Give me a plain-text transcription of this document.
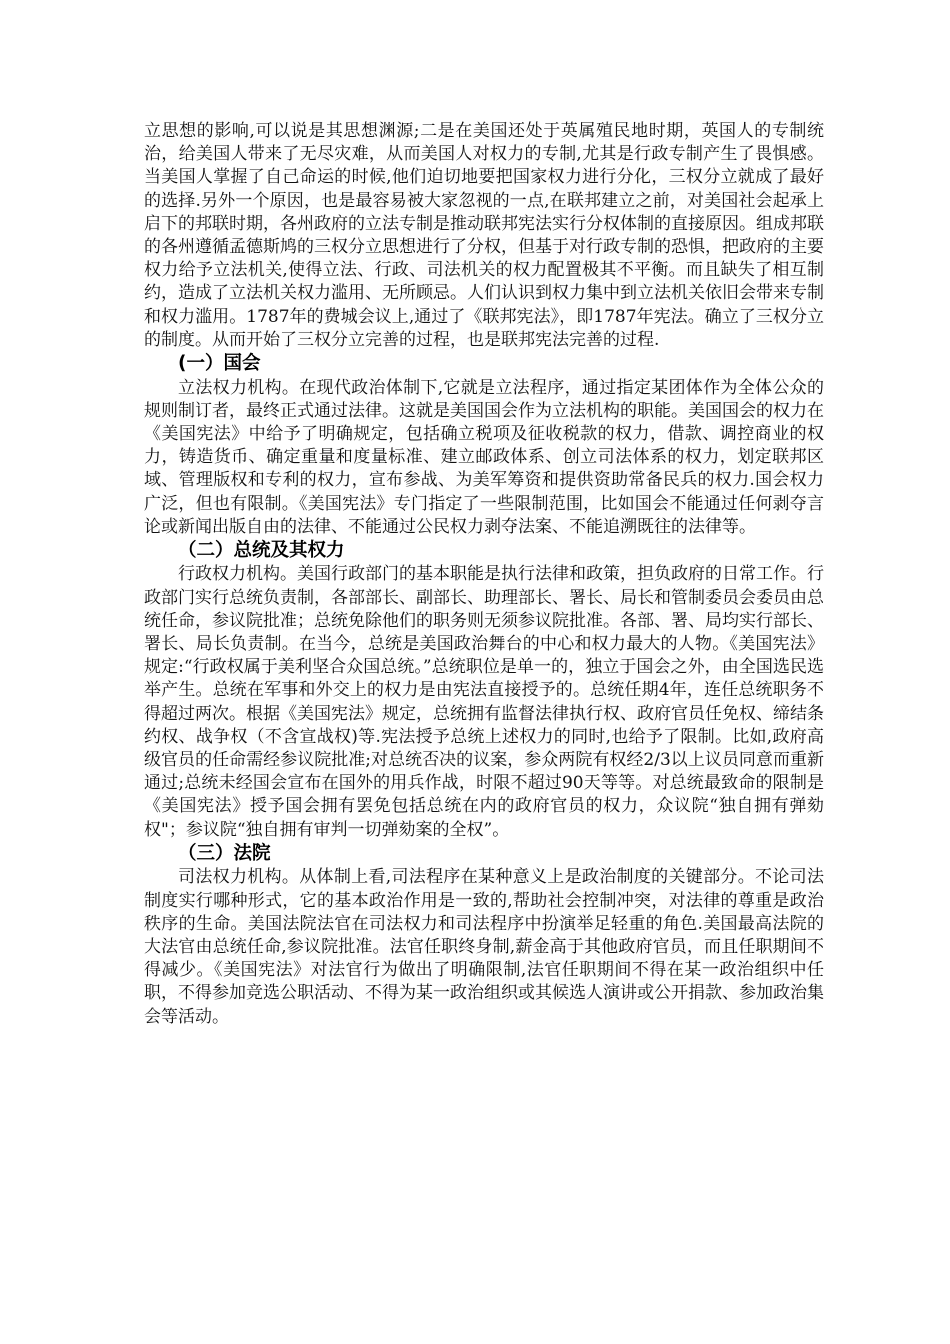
立思想的影响,可以说是其思想渊源;二是在美国还处于英属殖民地时期，英国人的专制统治，给美国人带来了无尽灾难，从而美国人对权力的专制,尤其是行政专制产生了畏惧感。当美国人掌握了自己命运的时候,他们迫切地要把国家权力进行分化，三权分立就成了最好的选择.另外一个原因，也是最容易被大家忽视的一点,在联邦建立之前，对美国社会起承上启下的邦联时期，各州政府的立法专制是推动联邦宪法实行分权体制的直接原因。组成邦联的各州遵循孟德斯鸠的三权分立思想进行了分权，但基于对行政专制的恐惧，把政府的主要权力给予立法机关,使得立法、行政、司法机关的权力配置极其不平衡。而且缺失了相互制约，造成了立法机关权力滥用、无所顾忌。人们认识到权力集中到立法机关依旧会带来专制和权力滥用。1787年的费城会议上,通过了《联邦宪法》，即1787年宪法。确立了三权分立的制度。从而开始了三权分立完善的过程，也是联邦宪法完善的过程.

(一）国会

立法权力机构。在现代政治体制下,它就是立法程序，通过指定某团体作为全体公众的规则制订者，最终正式通过法律。这就是美国国会作为立法机构的职能。美国国会的权力在《美国宪法》中给予了明确规定，包括确立税项及征收税款的权力，借款、调控商业的权力，铸造货币、确定重量和度量标准、建立邮政体系、创立司法体系的权力，划定联邦区域、管理版权和专利的权力，宣布参战、为美军筹资和提供资助常备民兵的权力.国会权力广泛，但也有限制。《美国宪法》专门指定了一些限制范围，比如国会不能通过任何剥夺言论或新闻出版自由的法律、不能通过公民权力剥夺法案、不能追溯既往的法律等。

（二）总统及其权力

行政权力机构。美国行政部门的基本职能是执行法律和政策，担负政府的日常工作。行政部门实行总统负责制，各部部长、副部长、助理部长、署长、局长和管制委员会委员由总统任命，参议院批准；总统免除他们的职务则无须参议院批准。各部、署、局均实行部长、署长、局长负责制。在当今，总统是美国政治舞台的中心和权力最大的人物。《美国宪法》规定:“行政权属于美利坚合众国总统。”总统职位是单一的，独立于国会之外，由全国选民选举产生。总统在军事和外交上的权力是由宪法直接授予的。总统任期4年，连任总统职务不得超过两次。根据《美国宪法》规定，总统拥有监督法律执行权、政府官员任免权、缔结条约权、战争权（不含宣战权)等.宪法授予总统上述权力的同时,也给予了限制。比如,政府高级官员的任命需经参议院批准;对总统否决的议案，参众两院有权经2/3以上议员同意而重新通过;总统未经国会宣布在国外的用兵作战，时限不超过90天等等。对总统最致命的限制是《美国宪法》授予国会拥有罢免包括总统在内的政府官员的权力，众议院“独自拥有弹劾权"；参议院“独自拥有审判一切弹劾案的全权”。

（三）法院

司法权力机构。从体制上看,司法程序在某种意义上是政治制度的关键部分。不论司法制度实行哪种形式，它的基本政治作用是一致的,帮助社会控制冲突，对法律的尊重是政治秩序的生命。美国法院法官在司法权力和司法程序中扮演举足轻重的角色.美国最高法院的大法官由总统任命,参议院批准。法官任职终身制,薪金高于其他政府官员，而且任职期间不得减少。《美国宪法》对法官行为做出了明确限制,法官任职期间不得在某一政治组织中任职，不得参加竞选公职活动、不得为某一政治组织或其候选人演讲或公开捐款、参加政治集会等活动。
